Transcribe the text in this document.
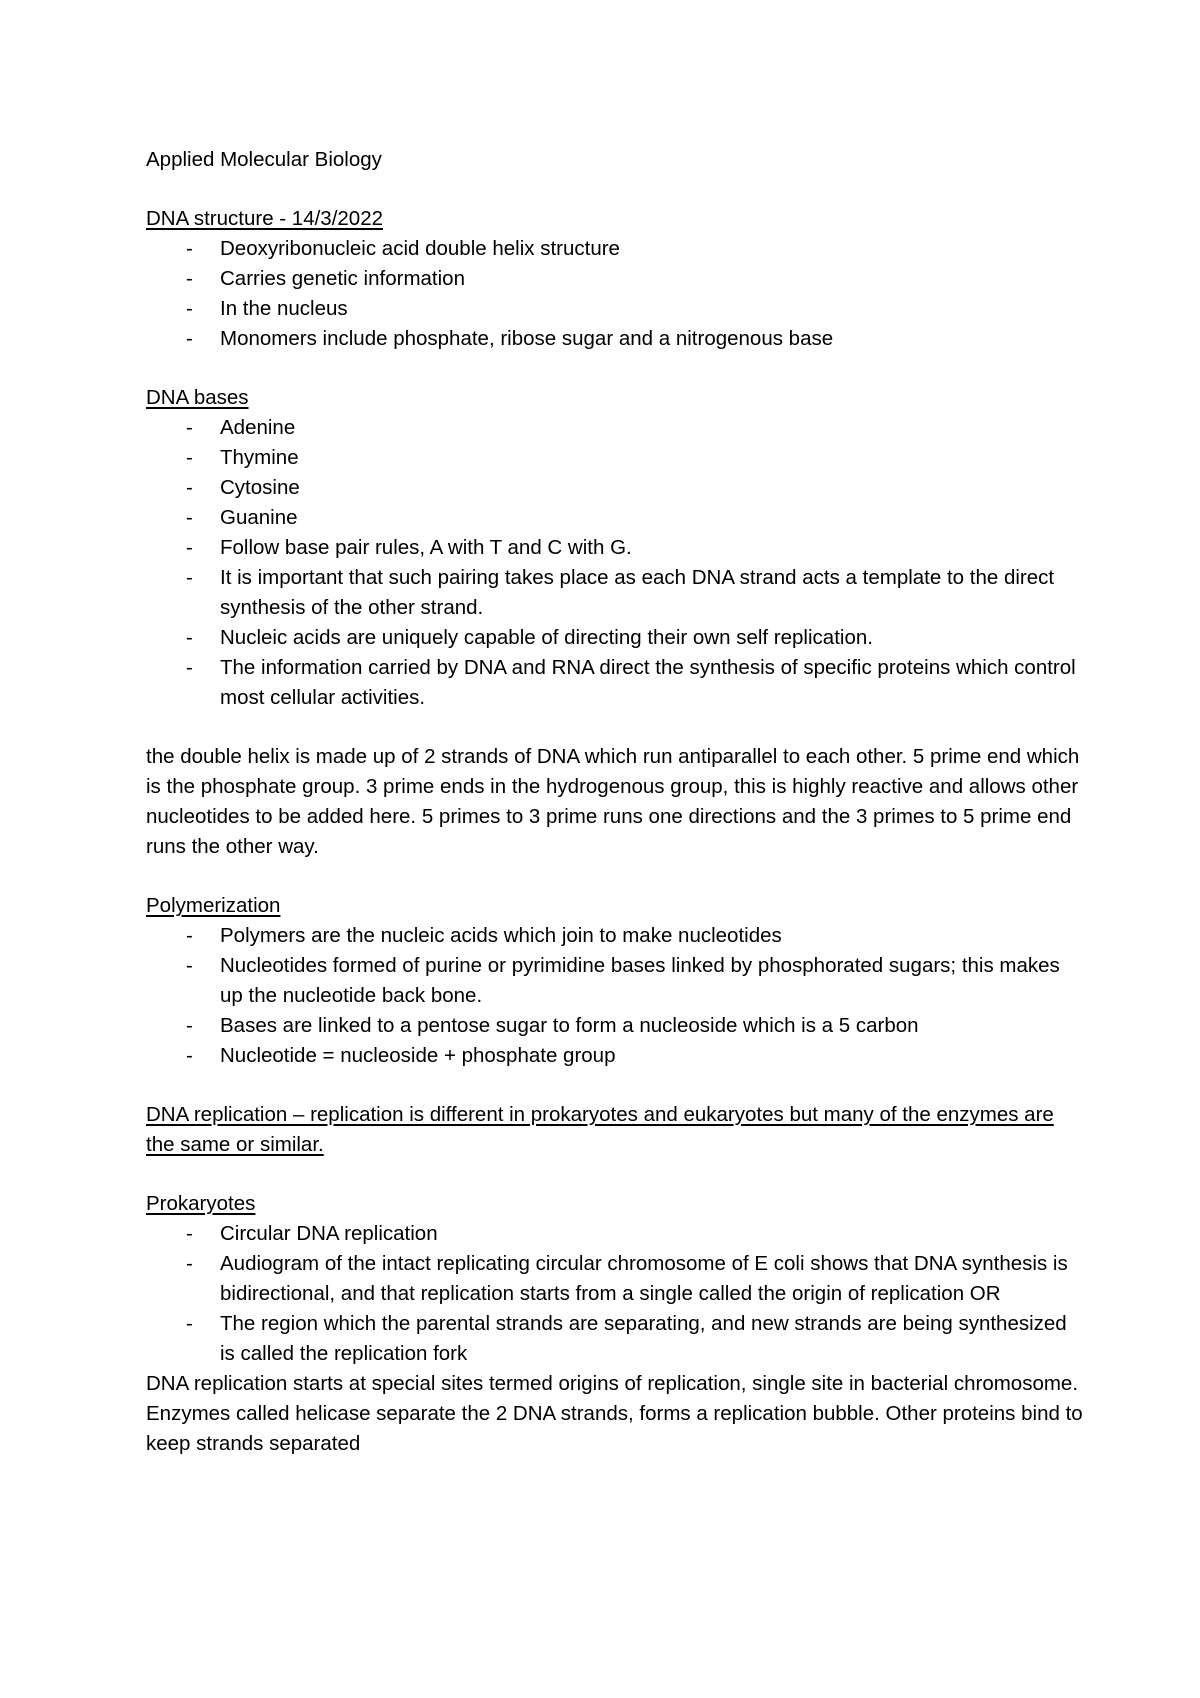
Applied Molecular Biology

DNA structure - 14/3/2022

- Deoxyribonucleic acid double helix structure
- Carries genetic information
- In the nucleus
- Monomers include phosphate, ribose sugar and a nitrogenous base

DNA bases

- Adenine
- Thymine
- Cytosine
- Guanine
- Follow base pair rules, A with T and C with G.
- It is important that such pairing takes place as each DNA strand acts a template to the direct synthesis of the other strand.
- Nucleic acids are uniquely capable of directing their own self replication.
- The information carried by DNA and RNA direct the synthesis of specific proteins which control most cellular activities.

the double helix is made up of 2 strands of DNA which run antiparallel to each other. 5 prime end which is the phosphate group. 3 prime ends in the hydrogenous group, this is highly reactive and allows other nucleotides to be added here. 5 primes to 3 prime runs one directions and the 3 primes to 5 prime end runs the other way.

Polymerization

- Polymers are the nucleic acids which join to make nucleotides
- Nucleotides formed of purine or pyrimidine bases linked by phosphorated sugars; this makes up the nucleotide back bone.
- Bases are linked to a pentose sugar to form a nucleoside which is a 5 carbon
- Nucleotide = nucleoside + phosphate group

DNA replication – replication is different in prokaryotes and eukaryotes but many of the enzymes are the same or similar.

Prokaryotes

- Circular DNA replication
- Audiogram of the intact replicating circular chromosome of E coli shows that DNA synthesis is bidirectional, and that replication starts from a single called the origin of replication OR
- The region which the parental strands are separating, and new strands are being synthesized is called the replication fork

DNA replication starts at special sites termed origins of replication, single site in bacterial chromosome.

Enzymes called helicase separate the 2 DNA strands, forms a replication bubble. Other proteins bind to keep strands separated
